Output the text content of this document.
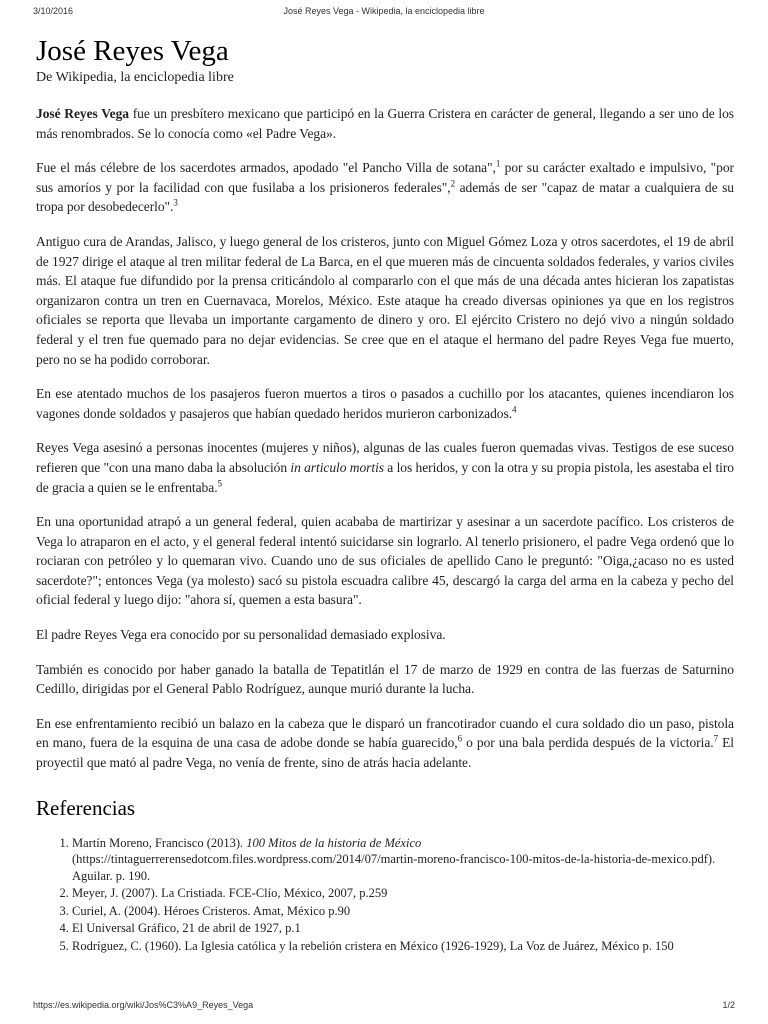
3/10/2016	José Reyes Vega - Wikipedia, la enciclopedia libre
José Reyes Vega
De Wikipedia, la enciclopedia libre

José Reyes Vega fue un presbítero mexicano que participó en la Guerra Cristera en carácter de general, llegando a ser uno de los más renombrados. Se lo conocía como «el Padre Vega».

Fue el más célebre de los sacerdotes armados, apodado "el Pancho Villa de sotana",$^1$ por su carácter exaltado e impulsivo, "por sus amoríos y por la facilidad con que fusilaba a los prisioneros federales",$^2$ además de ser "capaz de matar a cualquiera de su tropa por desobedecerlo".$^3$

Antiguo cura de Arandas, Jalisco, y luego general de los cristeros, junto con Miguel Gómez Loza y otros sacerdotes, el 19 de abril de 1927 dirige el ataque al tren militar federal de La Barca, en el que mueren más de cincuenta soldados federales, y varios civiles más. El ataque fue difundido por la prensa criticándolo al compararlo con el que más de una década antes hicieran los zapatistas organizaron contra un tren en Cuernavaca, Morelos, México. Este ataque ha creado diversas opiniones ya que en los registros oficiales se reporta que llevaba un importante cargamento de dinero y oro. El ejército Cristero no dejó vivo a ningún soldado federal y el tren fue quemado para no dejar evidencias. Se cree que en el ataque el hermano del padre Reyes Vega fue muerto, pero no se ha podido corroborar.

En ese atentado muchos de los pasajeros fueron muertos a tiros o pasados a cuchillo por los atacantes, quienes incendiaron los vagones donde soldados y pasajeros que habían quedado heridos murieron carbonizados.$^4$

Reyes Vega asesinó a personas inocentes (mujeres y niños), algunas de las cuales fueron quemadas vivas. Testigos de ese suceso refieren que "con una mano daba la absolución in articulo mortis a los heridos, y con la otra y su propia pistola, les asestaba el tiro de gracia a quien se le enfrentaba.$^5$

En una oportunidad atrapó a un general federal, quien acababa de martirizar y asesinar a un sacerdote pacífico. Los cristeros de Vega lo atraparon en el acto, y el general federal intentó suicidarse sin lograrlo. Al tenerlo prisionero, el padre Vega ordenó que lo rociaran con petróleo y lo quemaran vivo. Cuando uno de sus oficiales de apellido Cano le preguntó: "Oiga,¿acaso no es usted sacerdote?"; entonces Vega (ya molesto) sacó su pistola escuadra calibre 45, descargó la carga del arma en la cabeza y pecho del oficial federal y luego dijo: "ahora sí, quemen a esta basura".

El padre Reyes Vega era conocido por su personalidad demasiado explosiva.

También es conocido por haber ganado la batalla de Tepatitlán el 17 de marzo de 1929 en contra de las fuerzas de Saturnino Cedillo, dirigidas por el General Pablo Rodríguez, aunque murió durante la lucha.

En ese enfrentamiento recibió un balazo en la cabeza que le disparó un francotirador cuando el cura soldado dio un paso, pistola en mano, fuera de la esquina de una casa de adobe donde se había guarecido,$^6$ o por una bala perdida después de la victoria.$^7$ El proyectil que mató al padre Vega, no venía de frente, sino de atrás hacia adelante.

Referencias
1. Martín Moreno, Francisco (2013). 100 Mitos de la historia de México (https://tintaguerrerensedotcom.files.wordpress.com/2014/07/martin-moreno-francisco-100-mitos-de-la-historia-de-mexico.pdf). Aguilar. p. 190.
2. Meyer, J. (2007). La Cristiada. FCE-Clío, México, 2007, p.259
3. Curiel, A. (2004). Héroes Cristeros. Amat, México p.90
4. El Universal Gráfico, 21 de abril de 1927, p.1
5. Rodríguez, C. (1960). La Iglesia católica y la rebelión cristera en México (1926-1929), La Voz de Juárez, México p. 150
https://es.wikipedia.org/wiki/Jos%C3%A9_Reyes_Vega	1/2
